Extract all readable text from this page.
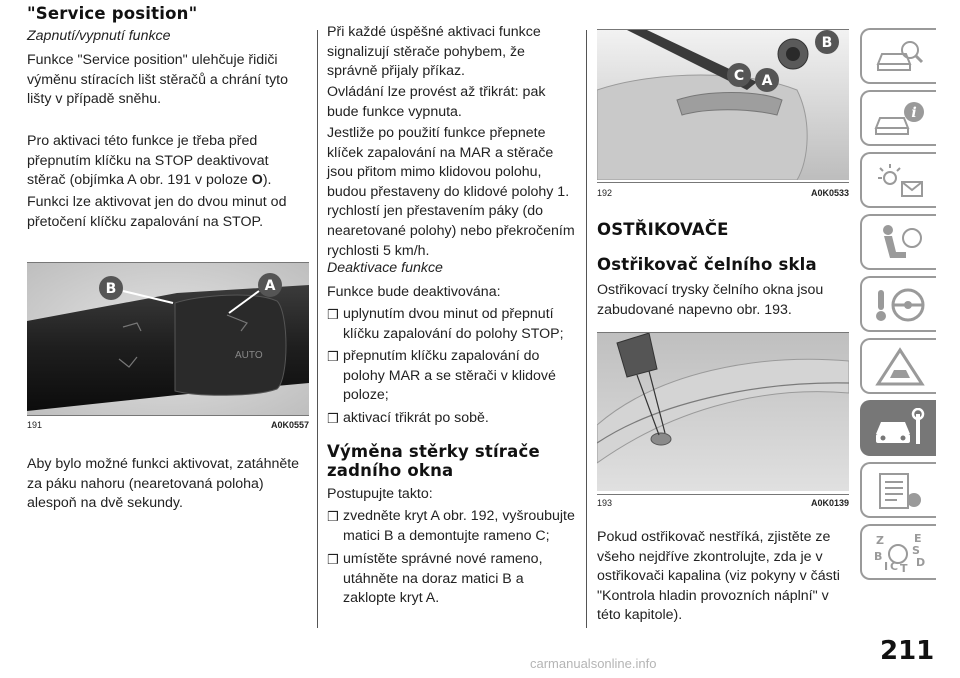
"Service position"
Zapnutí/vypnutí funkce
Funkce "Service position" ulehčuje řidiči výměnu stíracích lišt stěračů a chrání tyto lišty v případě sněhu.
Pro aktivaci této funkce je třeba před přepnutím klíčku na STOP deaktivovat stěrač (objímka A obr. 191 v poloze O).
Funkci lze aktivovat jen do dvou minut od přetočení klíčku zapalování na STOP.
AUTO
B	A
191	A0K0557
Aby bylo možné funkci aktivovat, zatáhněte za páku nahoru (nearetovaná poloha) alespoň na dvě sekundy.
Při každé úspěšné aktivaci funkce signalizují stěrače pohybem, že správně přijaly příkaz.
Ovládání lze provést až třikrát: pak bude funkce vypnuta.
Jestliže po použití funkce přepnete klíček zapalování na MAR a stěrače jsou přitom mimo klidovou polohu, budou přestaveny do klidové polohy 1. rychlostí jen přestavením páky (do nearetované polohy) nebo překročením rychlosti 5 km/h.
Deaktivace funkce
Funkce bude deaktivována:
❒ uplynutím dvou minut od přepnutí klíčku zapalování do polohy STOP;
❒ přepnutím klíčku zapalování do polohy MAR a se stěrači v klidové poloze;
❒ aktivací třikrát po sobě.
Výměna stěrky stírače zadního okna
Postupujte takto:
❒ zvedněte kryt A obr. 192, vyšroubujte matici B a demontujte rameno C;
❒ umístěte správné nové rameno, utáhněte na doraz matici B a zaklopte kryt A.
B
C A
192	A0K0533
OSTŘIKOVAČE
Ostřikovač čelního skla
Ostřikovací trysky čelního okna jsou zabudované napevno obr. 193.
193	A0K0139
Pokud ostřikovač nestříká, zjistěte ze všeho nejdříve zkontrolujte, zda je v ostřikovači kapalina (viz pokyny v části "Kontrola hladin provozních náplní" v této kapitole).
i
Z	E
B
C T D
S
I
211
carmanualsonline.info
